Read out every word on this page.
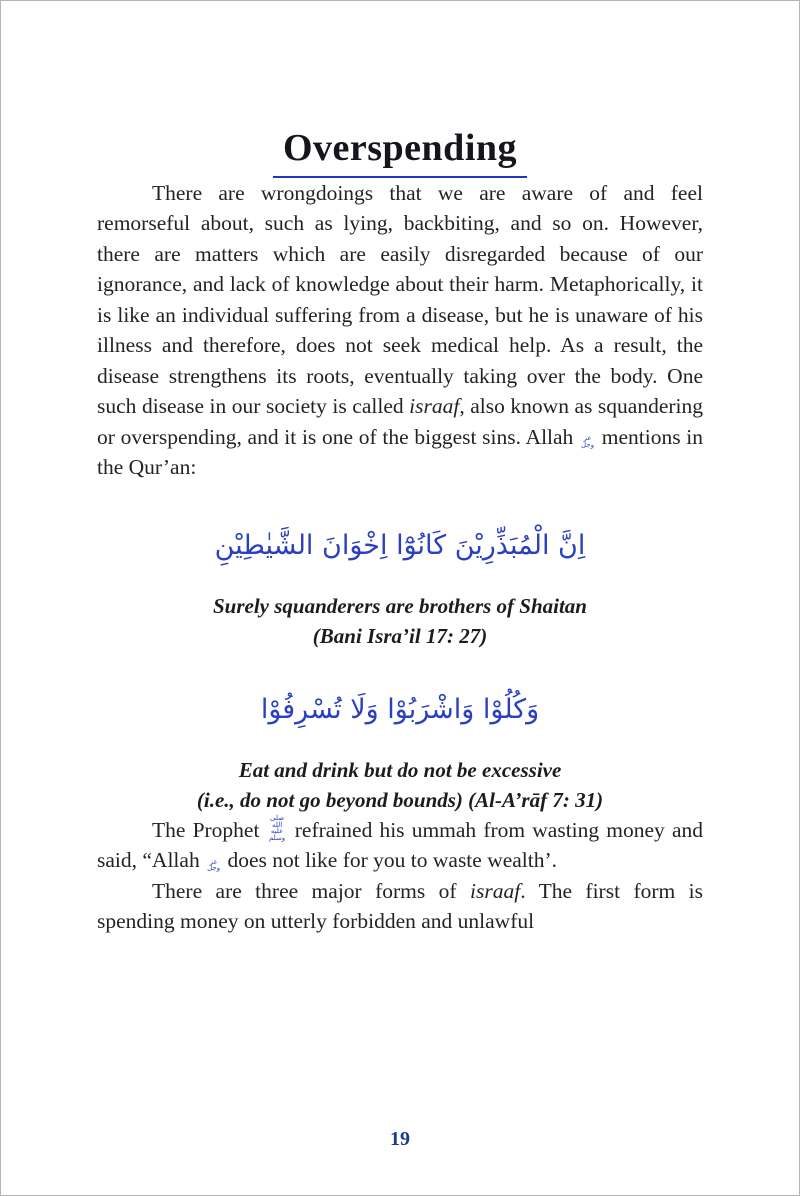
Overspending

There are wrongdoings that we are aware of and feel remorseful about, such as lying, backbiting, and so on. However, there are matters which are easily disregarded because of our ignorance, and lack of knowledge about their harm. Metaphorically, it is like an individual suffering from a disease, but he is unaware of his illness and therefore, does not seek medical help. As a result, the disease strengthens its roots, eventually taking over the body. One such disease in our society is called israaf, also known as squandering or overspending, and it is one of the biggest sins. Allah عز وجل mentions in the Qur’an:

اِنَّ الْمُبَذِّرِيْنَ كَانُوْٓا اِخْوَانَ الشَّيٰطِيْنِ
Surely squanderers are brothers of Shaitan
(Bani Isra’il 17: 27)
وَكُلُوْا وَاشْرَبُوْا وَلَا تُسْرِفُوْا
Eat and drink but do not be excessive
(i.e., do not go beyond bounds) (Al-A’rāf 7: 31)

The Prophet صلى الله عليه وسلم refrained his ummah from wasting money and said, “Allah عز وجل does not like for you to waste wealth’.

There are three major forms of israaf. The first form is spending money on utterly forbidden and unlawful

19
